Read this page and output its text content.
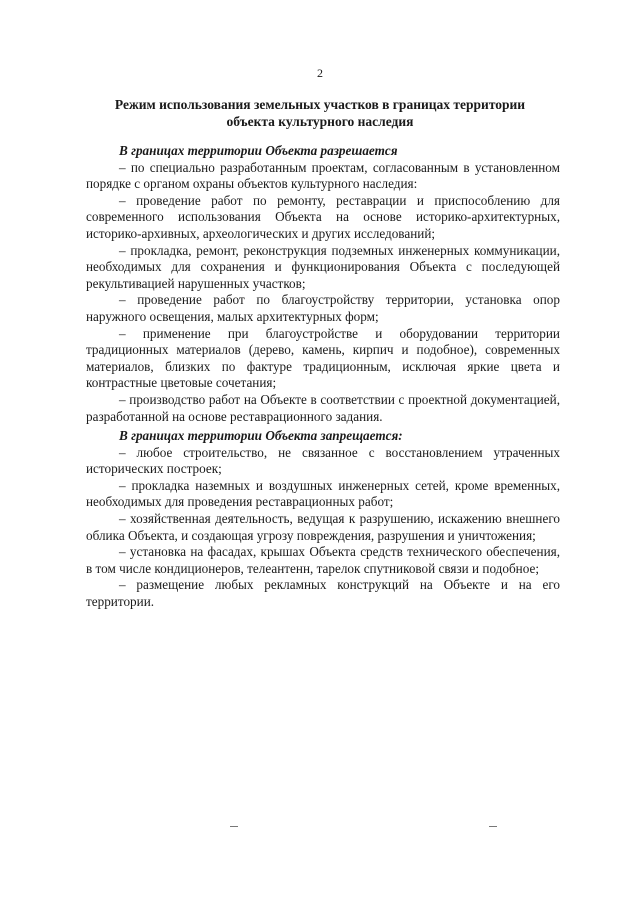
2
Режим использования земельных участков в границах территории
объекта культурного наследия
В границах территории Объекта разрешается

– по специально разработанным проектам, согласованным в установленном порядке с органом охраны объектов культурного наследия:

– проведение работ по ремонту, реставрации и приспособлению для современного использования Объекта на основе историко-архитектурных, историко-архивных, археологических и других исследований;

– прокладка, ремонт, реконструкция подземных инженерных коммуникации, необходимых для сохранения и функционирования Объекта с последующей рекультивацией нарушенных участков;

– проведение работ по благоустройству территории, установка опор наружного освещения, малых архитектурных форм;

– применение при благоустройстве и оборудовании территории традиционных материалов (дерево, камень, кирпич и подобное), современных материалов, близких по фактуре традиционным, исключая яркие цвета и контрастные цветовые сочетания;

– производство работ на Объекте в соответствии с проектной документацией, разработанной на основе реставрационного задания.

В границах территории Объекта запрещается:

– любое строительство, не связанное с восстановлением утраченных исторических построек;

– прокладка наземных и воздушных инженерных сетей, кроме временных, необходимых для проведения реставрационных работ;

– хозяйственная деятельность, ведущая к разрушению, искажению внешнего облика Объекта, и создающая угрозу повреждения, разрушения и уничтожения;

– установка на фасадах, крышах Объекта средств технического обеспечения, в том числе кондиционеров, телеантенн, тарелок спутниковой связи и подобное;

– размещение любых рекламных конструкций на Объекте и на его территории.
